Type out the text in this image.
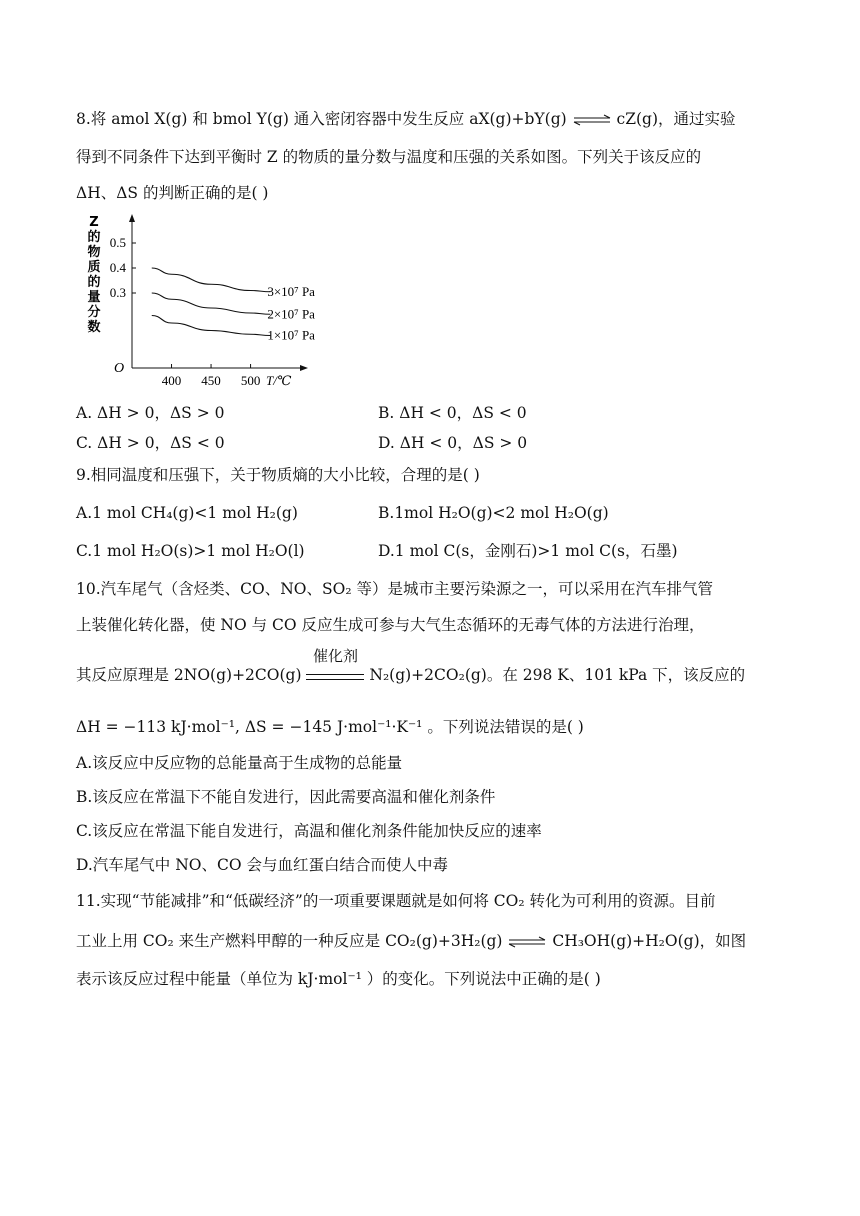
8.将 amol X(g) 和 bmol Y(g) 通入密闭容器中发生反应 aX(g)+bY(g) ⇌ cZ(g)，通过实验
得到不同条件下达到平衡时 Z 的物质的量分数与温度和压强的关系如图。下列关于该反应的
ΔH、ΔS 的判断正确的是( )
Z
的
物
质
的
量
分
数
O
0.3
0.4
0.5
400 450 500 T/℃
3×10⁷ Pa
2×10⁷ Pa
1×10⁷ Pa
A. ΔH > 0，ΔS > 0	B. ΔH < 0，ΔS < 0
C. ΔH > 0，ΔS < 0	D. ΔH < 0，ΔS > 0
9.相同温度和压强下，关于物质熵的大小比较，合理的是( )
A.1 mol CH₄(g)<1 mol H₂(g)	B.1mol H₂O(g)<2 mol H₂O(g)
C.1 mol H₂O(s)>1 mol H₂O(l)	D.1 mol C(s，金刚石)>1 mol C(s，石墨)
10.汽车尾气（含烃类、CO、NO、SO₂ 等）是城市主要污染源之一，可以采用在汽车排气管
上装催化转化器，使 NO 与 CO 反应生成可参与大气生态循环的无毒气体的方法进行治理，
其反应原理是 2NO(g)+2CO(g)
催化剂
N₂(g)+2CO₂(g)。在 298 K、101 kPa 下，该反应的
ΔH = −113 kJ·mol⁻¹, ΔS = −145 J·mol⁻¹·K⁻¹ 。下列说法错误的是( )
A.该反应中反应物的总能量高于生成物的总能量
B.该反应在常温下不能自发进行，因此需要高温和催化剂条件
C.该反应在常温下能自发进行，高温和催化剂条件能加快反应的速率
D.汽车尾气中 NO、CO 会与血红蛋白结合而使人中毒
11.实现“节能减排”和“低碳经济”的一项重要课题就是如何将 CO₂ 转化为可利用的资源。目前
工业上用 CO₂ 来生产燃料甲醇的一种反应是 CO₂(g)+3H₂(g) ⇌ CH₃OH(g)+H₂O(g)，如图
表示该反应过程中能量（单位为 kJ·mol⁻¹ ）的变化。下列说法中正确的是( )
